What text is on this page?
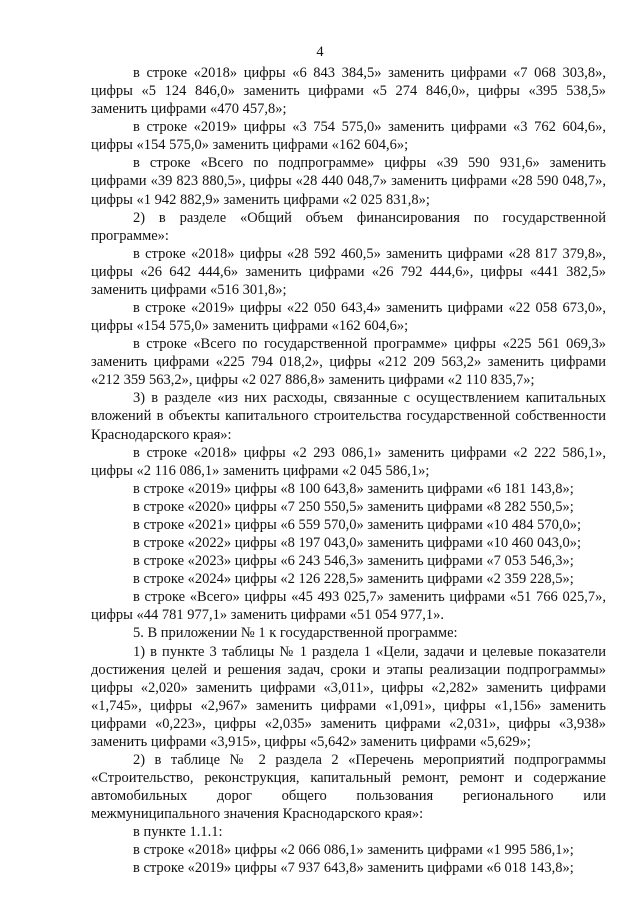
4

в строке «2018» цифры «6 843 384,5» заменить цифрами «7 068 303,8», цифры «5 124 846,0» заменить цифрами «5 274 846,0», цифры «395 538,5» заменить цифрами «470 457,8»;

в строке «2019» цифры «3 754 575,0» заменить цифрами «3 762 604,6», цифры «154 575,0» заменить цифрами «162 604,6»;

в строке «Всего по подпрограмме» цифры «39 590 931,6» заменить цифрами «39 823 880,5», цифры «28 440 048,7» заменить цифрами «28 590 048,7», цифры «1 942 882,9» заменить цифрами «2 025 831,8»;

2) в разделе «Общий объем финансирования по государственной программе»:

в строке «2018» цифры «28 592 460,5» заменить цифрами «28 817 379,8», цифры «26 642 444,6» заменить цифрами «26 792 444,6», цифры «441 382,5» заменить цифрами «516 301,8»;

в строке «2019» цифры «22 050 643,4» заменить цифрами «22 058 673,0», цифры «154 575,0» заменить цифрами «162 604,6»;

в строке «Всего по государственной программе» цифры «225 561 069,3» заменить цифрами «225 794 018,2», цифры «212 209 563,2» заменить цифрами «212 359 563,2», цифры «2 027 886,8» заменить цифрами «2 110 835,7»;

3) в разделе «из них расходы, связанные с осуществлением капитальных вложений в объекты капитального строительства государственной собственности Краснодарского края»:

в строке «2018» цифры «2 293 086,1» заменить цифрами «2 222 586,1», цифры «2 116 086,1» заменить цифрами «2 045 586,1»;

в строке «2019» цифры «8 100 643,8» заменить цифрами «6 181 143,8»;

в строке «2020» цифры «7 250 550,5» заменить цифрами «8 282 550,5»;

в строке «2021» цифры «6 559 570,0» заменить цифрами «10 484 570,0»;

в строке «2022» цифры «8 197 043,0» заменить цифрами «10 460 043,0»;

в строке «2023» цифры «6 243 546,3» заменить цифрами «7 053 546,3»;

в строке «2024» цифры «2 126 228,5» заменить цифрами «2 359 228,5»;

в строке «Всего» цифры «45 493 025,7» заменить цифрами «51 766 025,7», цифры «44 781 977,1» заменить цифрами «51 054 977,1».

5. В приложении № 1 к государственной программе:

1) в пункте 3 таблицы № 1 раздела 1 «Цели, задачи и целевые показатели достижения целей и решения задач, сроки и этапы реализации подпрограммы» цифры «2,020» заменить цифрами «3,011», цифры «2,282» заменить цифрами «1,745», цифры «2,967» заменить цифрами «1,091», цифры «1,156» заменить цифрами «0,223», цифры «2,035» заменить цифрами «2,031», цифры «3,938» заменить цифрами «3,915», цифры «5,642» заменить цифрами «5,629»;

2) в таблице № 2 раздела 2 «Перечень мероприятий подпрограммы «Строительство, реконструкция, капитальный ремонт, ремонт и содержание автомобильных дорог общего пользования регионального или межмуниципального значения Краснодарского края»:

в пункте 1.1.1:

в строке «2018» цифры «2 066 086,1» заменить цифрами «1 995 586,1»;

в строке «2019» цифры «7 937 643,8» заменить цифрами «6 018 143,8»;
